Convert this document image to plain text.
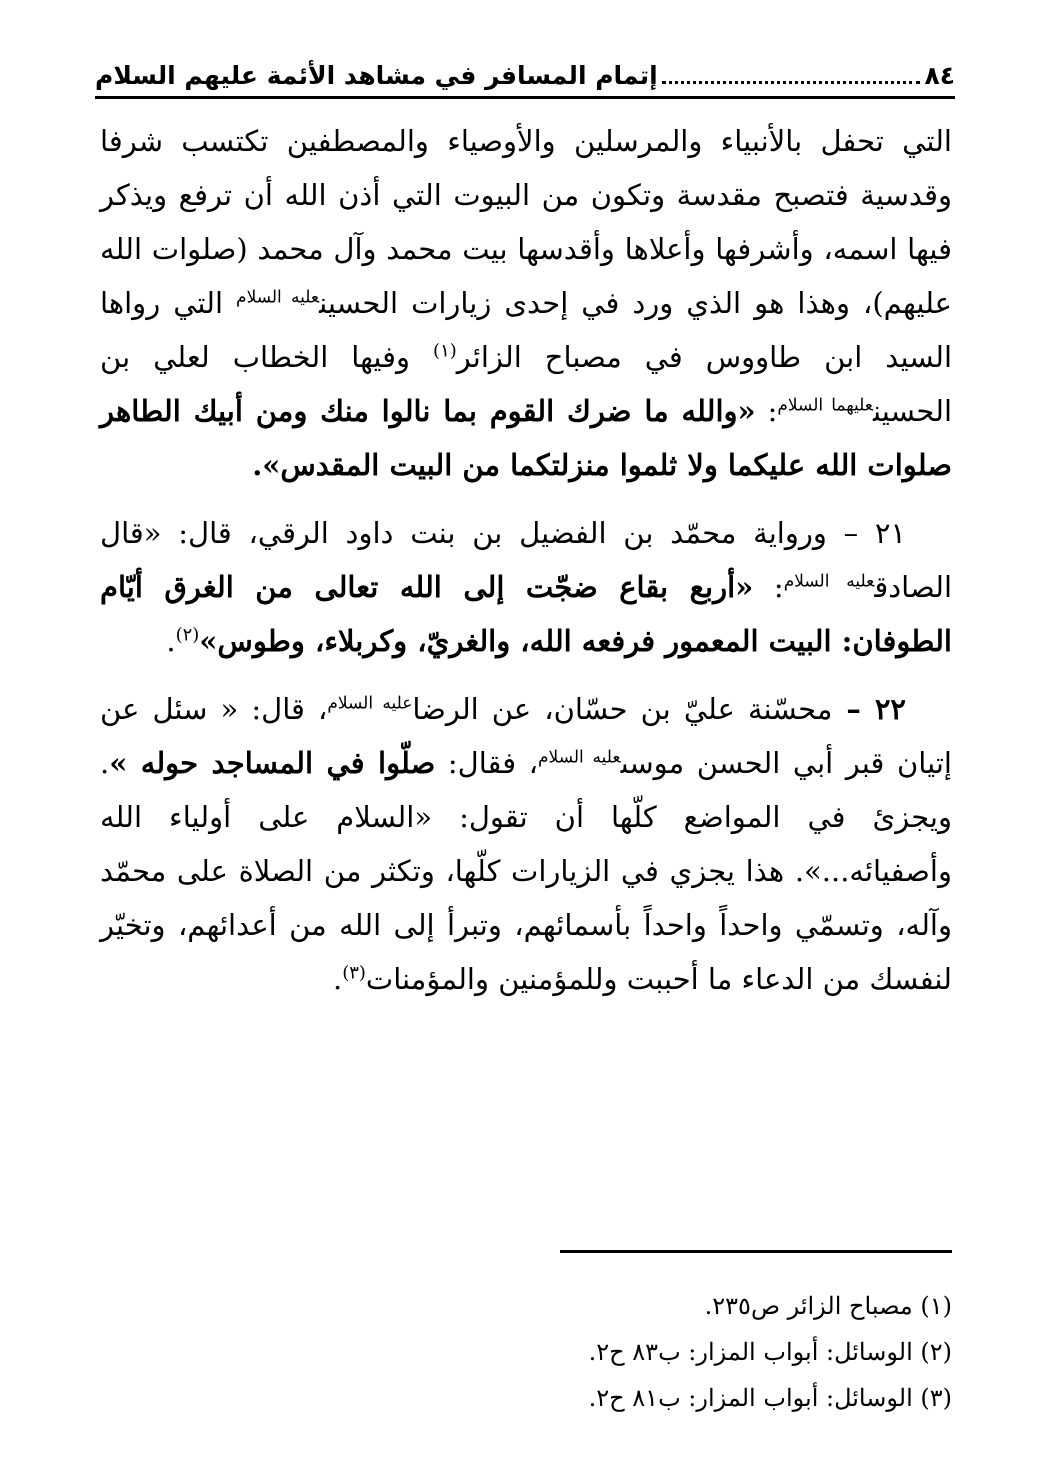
٨٤
إتمام المسافر في مشاهد الأئمة عليهم السلام

التي تحفل بالأنبياء والمرسلين والأوصياء والمصطفين تكتسب شرفا وقدسية فتصبح مقدسة وتكون من البيوت التي أذن الله أن ترفع ويذكر فيها اسمه، وأشرفها وأعلاها وأقدسها بيت محمد وآل محمد (صلوات الله عليهم)، وهذا هو الذي ورد في إحدى زيارات الحسين$^{عليه السلام}$ التي رواها السيد ابن طاووس في مصباح الزائر$^{(١)}$ وفيها الخطاب لعلي بن الحسين$^{عليهما السلام}$: «والله ما ضرك القوم بما نالوا منك ومن أبيك الطاهر صلوات الله عليكما ولا ثلموا منزلتكما من البيت المقدس».

٢١ – ورواية محمّد بن الفضيل بن بنت داود الرقي، قال: «قال الصادق$^{عليه السلام}$: «أربع بقاع ضجّت إلى الله تعالى من الغرق أيّام الطوفان: البيت المعمور فرفعه الله، والغريّ، وكربلاء، وطوس»$^{(٢)}$.

٢٢ – محسّنة عليّ بن حسّان، عن الرضا$^{عليه السلام}$، قال: « سئل عن إتيان قبر أبي الحسن موسى$^{عليه السلام}$، فقال: صلّوا في المساجد حوله ». ويجزئ في المواضع كلّها أن تقول: «السلام على أولياء الله وأصفيائه...». هذا يجزي في الزيارات كلّها، وتكثر من الصلاة على محمّد وآله، وتسمّي واحداً واحداً بأسمائهم، وتبرأ إلى الله من أعدائهم، وتخيّر لنفسك من الدعاء ما أحببت وللمؤمنين والمؤمنات$^{(٣)}$.

(١) مصباح الزائر ص٢٣٥.
(٢) الوسائل: أبواب المزار: ب٨٣ ح٢.
(٣) الوسائل: أبواب المزار: ب٨١ ح٢.
